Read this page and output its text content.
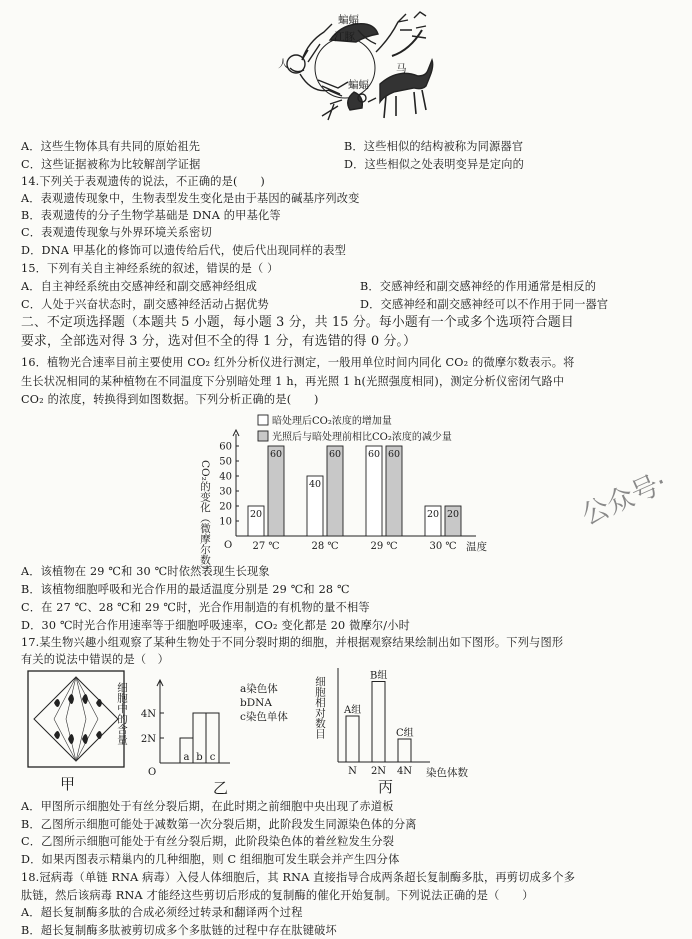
蝙蝠
江豚
人	马
蝙蝠
A．这些生物体具有共同的原始祖先	B．这些相似的结构被称为同源器官
C．这些证据被称为比较解剖学证据	D．这些相似之处表明变异是定向的
14.下列关于表观遗传的说法，不正确的是(　　)
A．表观遗传现象中，生物表型发生变化是由于基因的碱基序列改变
B．表观遗传的分子生物学基础是 DNA 的甲基化等
C．表观遗传现象与外界环境关系密切
D．DNA 甲基化的修饰可以遗传给后代，使后代出现同样的表型
15．下列有关自主神经系统的叙述，错误的是（ ）
A．自主神经系统由交感神经和副交感神经组成	B．交感神经和副交感神经的作用通常是相反的
C．人处于兴奋状态时，副交感神经活动占据优势	D．交感神经和副交感神经可以不作用于同一器官
二、不定项选择题（本题共 5 小题，每小题 3 分，共 15 分。每小题有一个或多个选项符合题目
要求，全部选对得 3 分，选对但不全的得 1 分，有选错的得 0 分。）
16．植物光合速率目前主要使用 CO₂ 红外分析仪进行测定，一般用单位时间内同化 CO₂ 的微摩尔数表示。将
生长状况相同的某种植物在不同温度下分别暗处理 1 h，再光照 1 h(光照强度相同)，测定分析仪密闭气路中
CO₂ 的浓度，转换得到如图数据。下列分析正确的是(　　)
暗处理后CO₂浓度的增加量
光照后与暗处理前相比CO₂浓度的减少量
CO₂的变化（微摩尔数） 10
20
30
40
50
60
O	温度
20
60
27 ℃
40
60
28 ℃
60 60
29 ℃
20 20
30 ℃
公众号·
A．该植物在 29 ℃和 30 ℃时依然表现生长现象
B．该植物细胞呼吸和光合作用的最适温度分别是 29 ℃和 28 ℃
C．在 27 ℃、28 ℃和 29 ℃时，光合作用制造的有机物的量不相等
D．30 ℃时光合作用速率等于细胞呼吸速率，CO₂ 变化都是 20 微摩尔/小时
17.某生物兴趣小组观察了某种生物处于不同分裂时期的细胞，并根据观察结果绘制出如下图形。下列与图形
有关的说法中错误的是（　）
甲
细胞中的含量 2N
4N
O
乙
a b c
a染色体
bDNA
c染色单体 细胞相对数目
染色体数
丙
A组
N
B组
2N
C组
4N
A．甲图所示细胞处于有丝分裂后期，在此时期之前细胞中央出现了赤道板
B．乙图所示细胞可能处于减数第一次分裂后期，此阶段发生同源染色体的分离
C．乙图所示细胞可能处于有丝分裂后期，此阶段染色体的着丝粒发生分裂
D．如果丙图表示精巢内的几种细胞，则 C 组细胞可发生联会并产生四分体
18.冠病毒（单链 RNA 病毒）入侵人体细胞后，其 RNA 直接指导合成两条超长复制酶多肽，再剪切成多个多
肽链，然后该病毒 RNA 才能经这些剪切后形成的复制酶的催化开始复制。下列说法正确的是（　　）
A．超长复制酶多肽的合成必须经过转录和翻译两个过程
B．超长复制酶多肽被剪切成多个多肽链的过程中存在肽键破坏
